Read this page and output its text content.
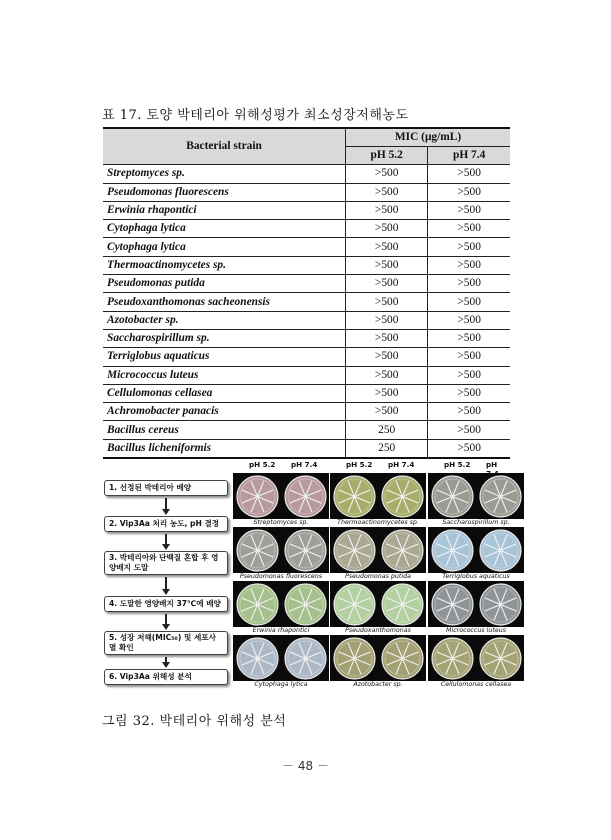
표 17. 토양 박테리아 위해성평가 최소성장저해농도
Bacterial strain	MIC (μg/mL)	
	pH 5.2	pH 7.4
Streptomyces sp.	>500	>500
Pseudomonas fluorescens	>500	>500
Erwinia rhapontici	>500	>500
Cytophaga lytica	>500	>500
Cytophaga lytica	>500	>500
Thermoactinomycetes sp.	>500	>500
Pseudomonas putida	>500	>500
Pseudoxanthomonas sacheonensis	>500	>500
Azotobacter sp.	>500	>500
Saccharospirillum sp.	>500	>500
Terriglobus aquaticus	>500	>500
Micrococcus luteus	>500	>500
Cellulomonas cellasea	>500	>500
Achromobacter panacis	>500	>500
Bacillus cereus	250	>500
Bacillus licheniformis	250	>500
pH 5.2 pH 7.4	pH 5.2 pH 7.4	pH 5.2 pH
1. 선정된 박테리아 배양
2. Vip3Aa 처리 농도, pH 결정
3. 박테리아와 단백질 혼합 후 영양배지 도말
4. 도말한 영양배지 37℃에 배양
5. 성장 저해(MIC₅₀) 및 세포사멸 확인
6. Vip3Aa 위해성 분석
Streptomyces sp.	Thermoactinomycetes sp.	Saccharospirillum sp.
Pseudomonas fluorescens	Pseudomonas putida	Terriglobus aquaticus
Erwinia rhapontici	Pseudoxanthomonas	Micrococcus luteus
Cytophaga lytica	Azotobacter sp.	Cellulomonas cellasea
그림 32. 박테리아 위해성 분석
－ 48 －
